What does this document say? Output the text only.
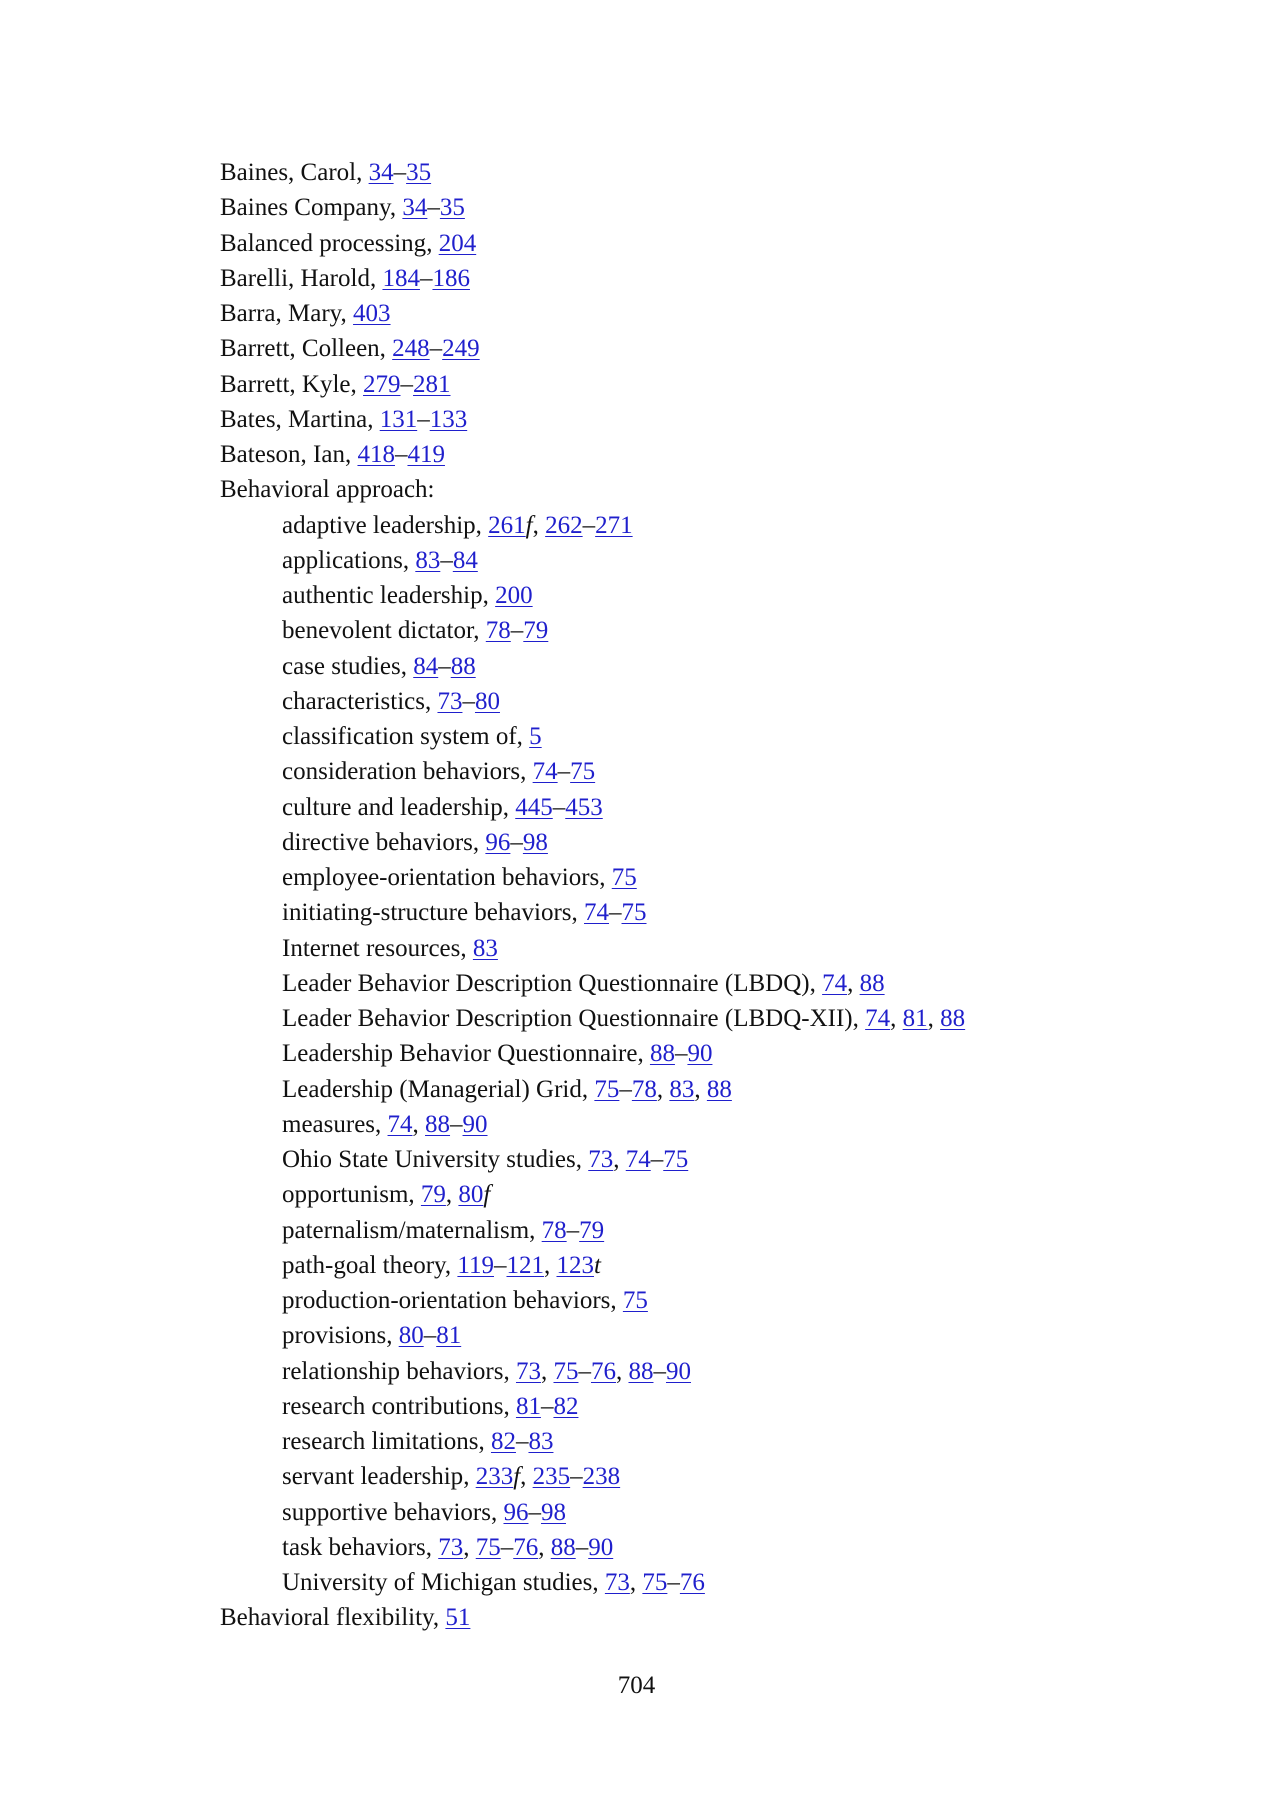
Baines, Carol, 34–35
Baines Company, 34–35
Balanced processing, 204
Barelli, Harold, 184–186
Barra, Mary, 403
Barrett, Colleen, 248–249
Barrett, Kyle, 279–281
Bates, Martina, 131–133
Bateson, Ian, 418–419
Behavioral approach:
adaptive leadership, 261f, 262–271
applications, 83–84
authentic leadership, 200
benevolent dictator, 78–79
case studies, 84–88
characteristics, 73–80
classification system of, 5
consideration behaviors, 74–75
culture and leadership, 445–453
directive behaviors, 96–98
employee-orientation behaviors, 75
initiating-structure behaviors, 74–75
Internet resources, 83
Leader Behavior Description Questionnaire (LBDQ), 74, 88
Leader Behavior Description Questionnaire (LBDQ-XII), 74, 81, 88
Leadership Behavior Questionnaire, 88–90
Leadership (Managerial) Grid, 75–78, 83, 88
measures, 74, 88–90
Ohio State University studies, 73, 74–75
opportunism, 79, 80f
paternalism/maternalism, 78–79
path-goal theory, 119–121, 123t
production-orientation behaviors, 75
provisions, 80–81
relationship behaviors, 73, 75–76, 88–90
research contributions, 81–82
research limitations, 82–83
servant leadership, 233f, 235–238
supportive behaviors, 96–98
task behaviors, 73, 75–76, 88–90
University of Michigan studies, 73, 75–76
Behavioral flexibility, 51
704
